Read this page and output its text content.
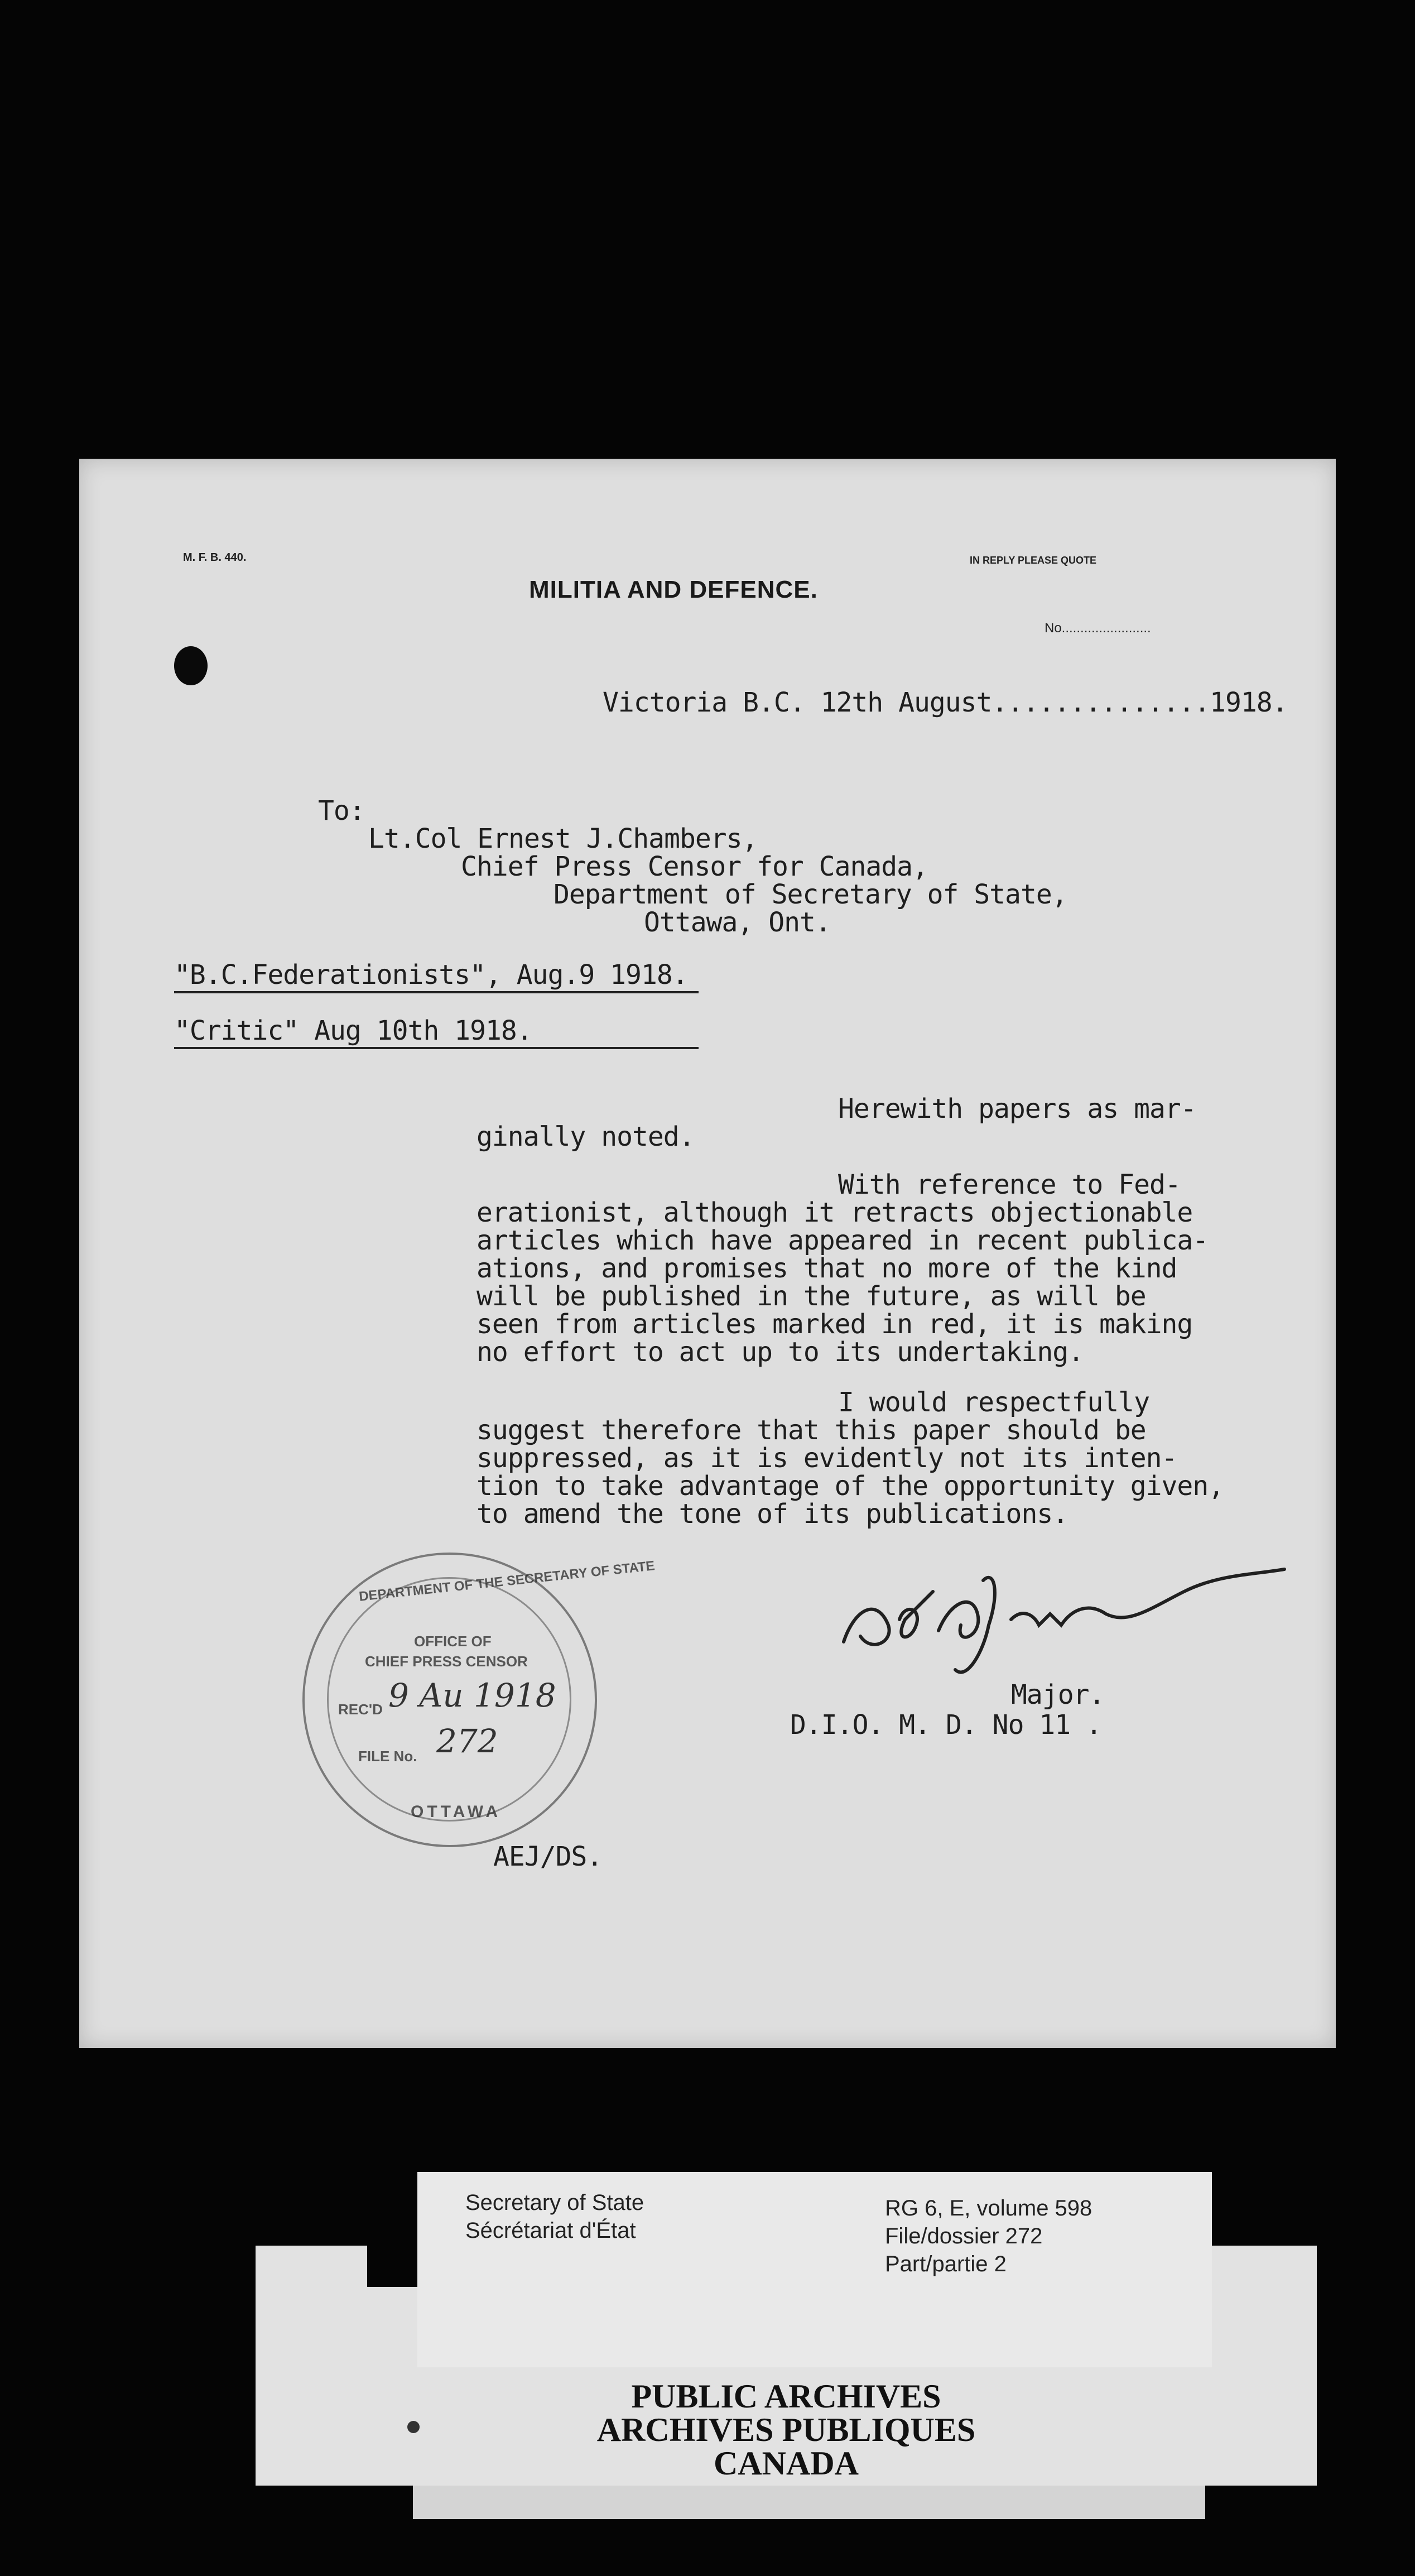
M. F. B. 440.	IN REPLY PLEASE QUOTE
MILITIA AND DEFENCE.
No........................
Victoria B.C. 12th August..............1918.
To:
Lt.Col Ernest J.Chambers,
Chief Press Censor for Canada,
Department of Secretary of State,
Ottawa, Ont.
"B.C.Federationists", Aug.9 1918.
"Critic" Aug 10th 1918.
Herewith papers as mar-
ginally noted.
With reference to Fed-
erationist, although it retracts objectionable
articles which have appeared in recent publica-
ations, and promises that no more of the kind
will be published in the future, as will be
seen from articles marked in red, it is making
no effort to act up to its undertaking.
I would respectfully
suggest therefore that this paper should be
suppressed, as it is evidently not its inten-
tion to take advantage of the opportunity given,
to amend the tone of its publications.
DEPARTMENT OF THE SECRETARY OF STATE
OFFICE OF
CHIEF PRESS CENSOR
REC'D 9 Au 1918
FILE No. 272
OTTAWA
Major.
D.I.O. M. D. No 11 .
AEJ/DS.
PUBLIC ARCHIVES
ARCHIVES PUBLIQUES
CANADA
Secretary of State
Sécrétariat d'État
RG 6, E, volume 598
File/dossier 272
Part/partie 2
